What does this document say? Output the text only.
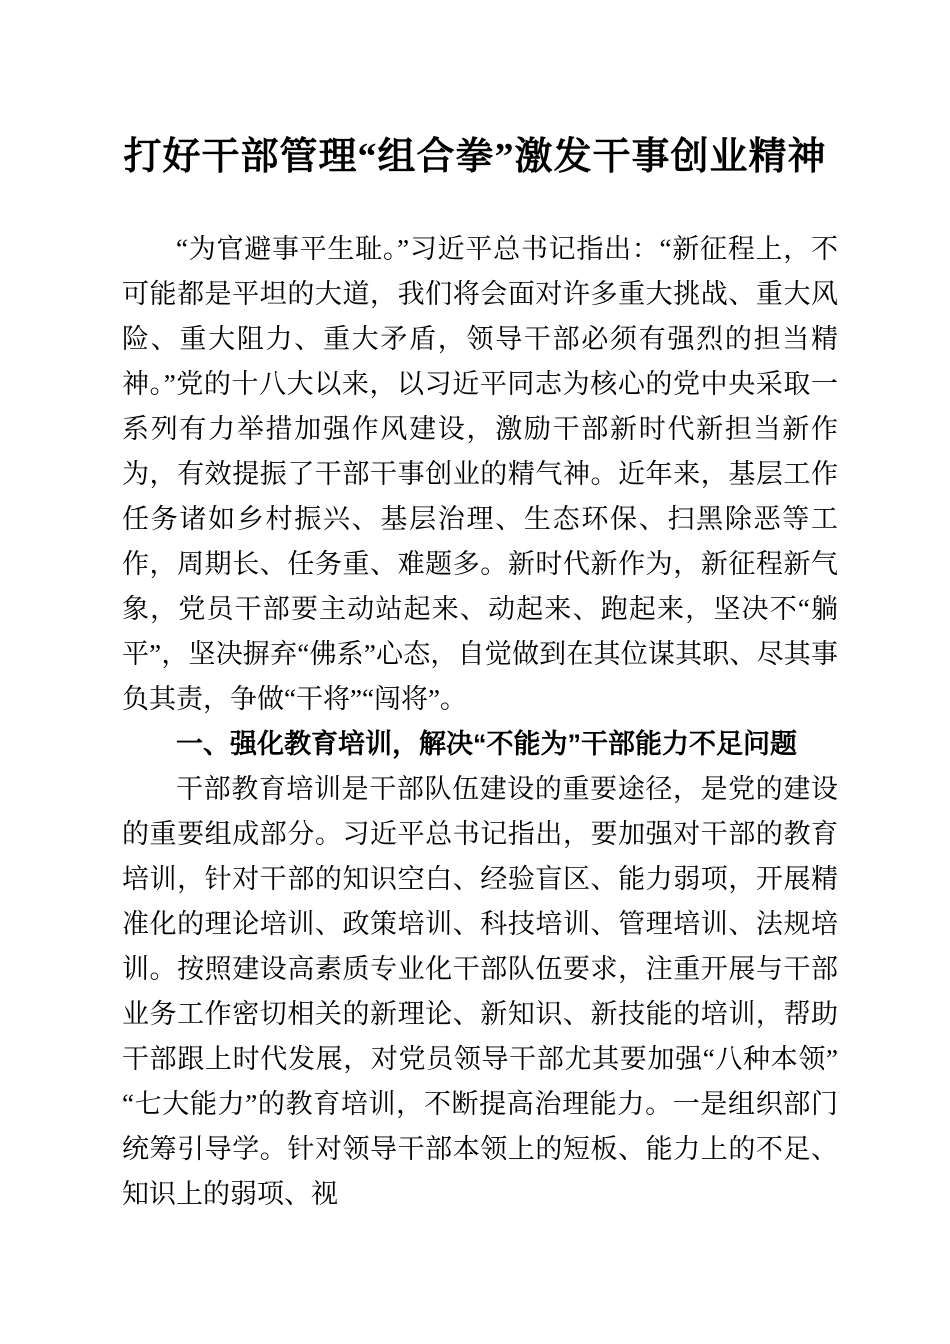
打好干部管理“组合拳”激发干事创业精神

“为官避事平生耻。”习近平总书记指出：“新征程上，不可能都是平坦的大道，我们将会面对许多重大挑战、重大风险、重大阻力、重大矛盾，领导干部必须有强烈的担当精神。”党的十八大以来，以习近平同志为核心的党中央采取一系列有力举措加强作风建设，激励干部新时代新担当新作为，有效提振了干部干事创业的精气神。近年来，基层工作任务诸如乡村振兴、基层治理、生态环保、扫黑除恶等工作，周期长、任务重、难题多。新时代新作为，新征程新气象，党员干部要主动站起来、动起来、跑起来，坚决不“躺平”，坚决摒弃“佛系”心态，自觉做到在其位谋其职、尽其事负其责，争做“干将”“闯将”。

一、强化教育培训，解决“不能为”干部能力不足问题

干部教育培训是干部队伍建设的重要途径，是党的建设的重要组成部分。习近平总书记指出，要加强对干部的教育培训，针对干部的知识空白、经验盲区、能力弱项，开展精准化的理论培训、政策培训、科技培训、管理培训、法规培训。按照建设高素质专业化干部队伍要求，注重开展与干部业务工作密切相关的新理论、新知识、新技能的培训，帮助干部跟上时代发展，对党员领导干部尤其要加强“八种本领”“七大能力”的教育培训，不断提高治理能力。一是组织部门统筹引导学。针对领导干部本领上的短板、能力上的不足、知识上的弱项、视
